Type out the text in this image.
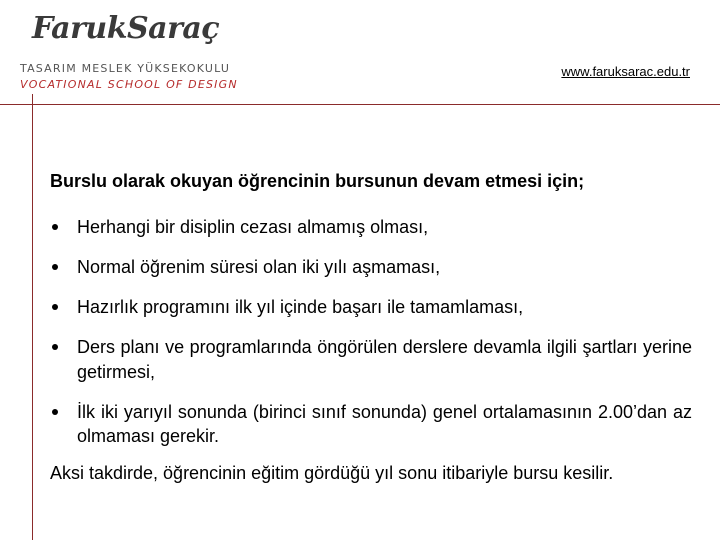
FarukSaraç
TASARIM MESLEK YÜKSEKOKULU
VOCATIONAL SCHOOL OF DESIGN
www.faruksarac.edu.tr
Burslu olarak okuyan öğrencinin bursunun devam etmesi için;
Herhangi bir disiplin cezası almamış olması,
Normal öğrenim süresi olan iki yılı aşmaması,
Hazırlık programını ilk yıl içinde başarı ile tamamlaması,
Ders planı ve programlarında öngörülen derslere devamla ilgili şartları yerine getirmesi,
İlk iki yarıyıl sonunda (birinci sınıf sonunda) genel ortalamasının 2.00’dan az olmaması gerekir.
Aksi takdirde, öğrencinin eğitim gördüğü yıl sonu itibariyle bursu kesilir.
